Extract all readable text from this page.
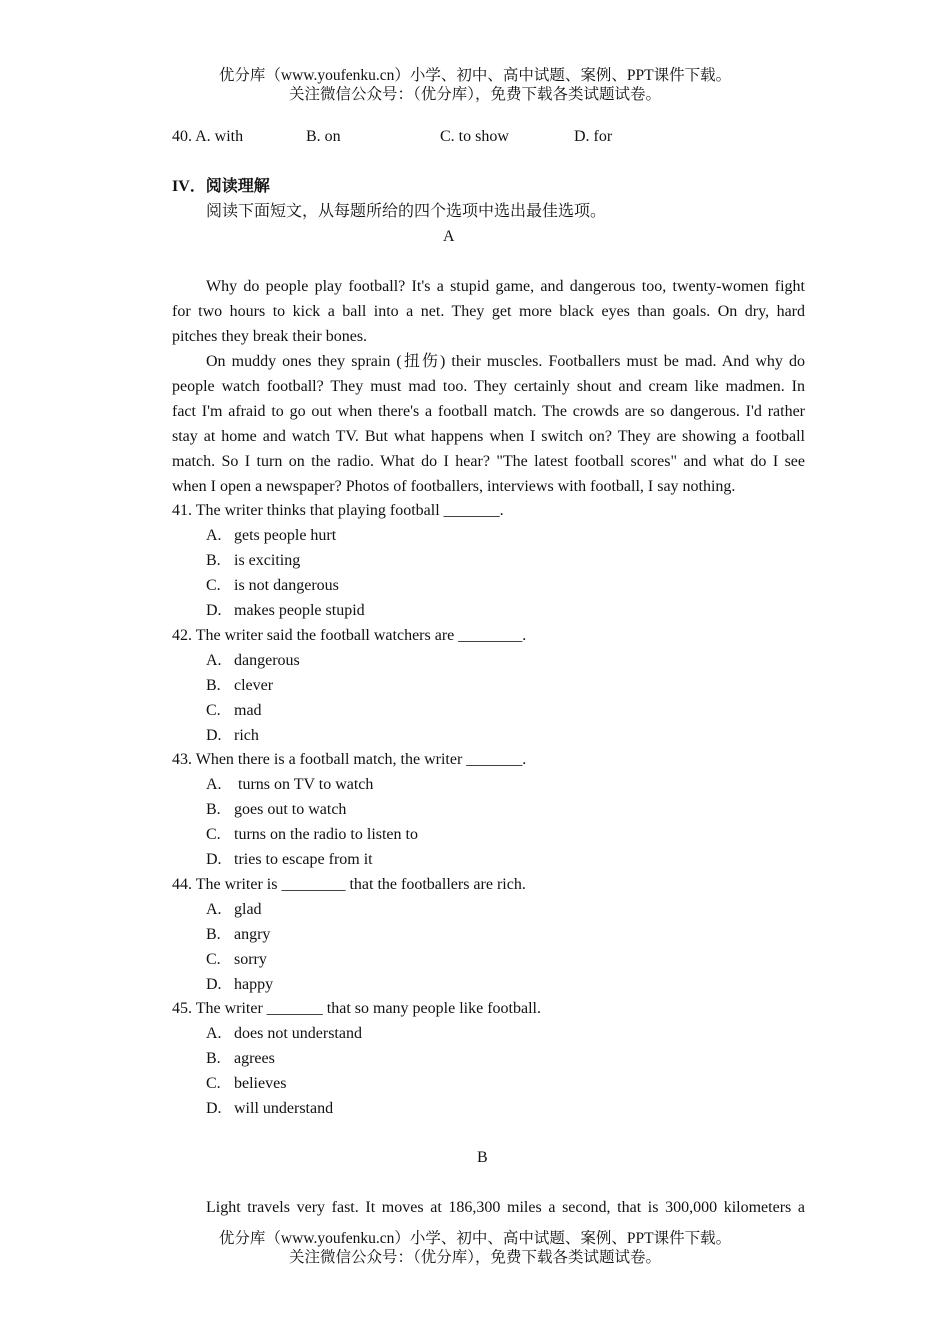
优分库（www.youfenku.cn）小学、初中、高中试题、案例、PPT课件下载。
关注微信公众号：（优分库），免费下载各类试题试卷。
40. A. with	B. on	C. to show	D. for
IV．阅读理解
阅读下面短文，从每题所给的四个选项中选出最佳选项。
A
Why do people play football? It's a stupid game, and dangerous too, twenty-women fight
for two hours to kick a ball into a net. They get more black eyes than goals. On dry, hard
pitches they break their bones.
On muddy ones they sprain (扭伤) their muscles. Footballers must be mad. And why do
people watch football? They must mad too. They certainly shout and cream like madmen. In
fact I'm afraid to go out when there's a football match. The crowds are so dangerous. I'd rather
stay at home and watch TV. But what happens when I switch on? They are showing a football
match. So I turn on the radio. What do I hear? "The latest football scores" and what do I see
when I open a newspaper? Photos of footballers, interviews with football, I say nothing.
41. The writer thinks that playing football _______.
A. gets people hurt
B. is exciting
C. is not dangerous
D. makes people stupid
42. The writer said the football watchers are ________.
A. dangerous
B. clever
C. mad
D. rich
43. When there is a football match, the writer _______.
A. turns on TV to watch
B. goes out to watch
C. turns on the radio to listen to
D. tries to escape from it
44. The writer is ________ that the footballers are rich.
A. glad
B. angry
C. sorry
D. happy
45. The writer _______ that so many people like football.
A. does not understand
B. agrees
C. believes
D. will understand
B
Light travels very fast. It moves at 186,300 miles a second, that is 300,000 kilometers a
优分库（www.youfenku.cn）小学、初中、高中试题、案例、PPT课件下载。
关注微信公众号：（优分库），免费下载各类试题试卷。
